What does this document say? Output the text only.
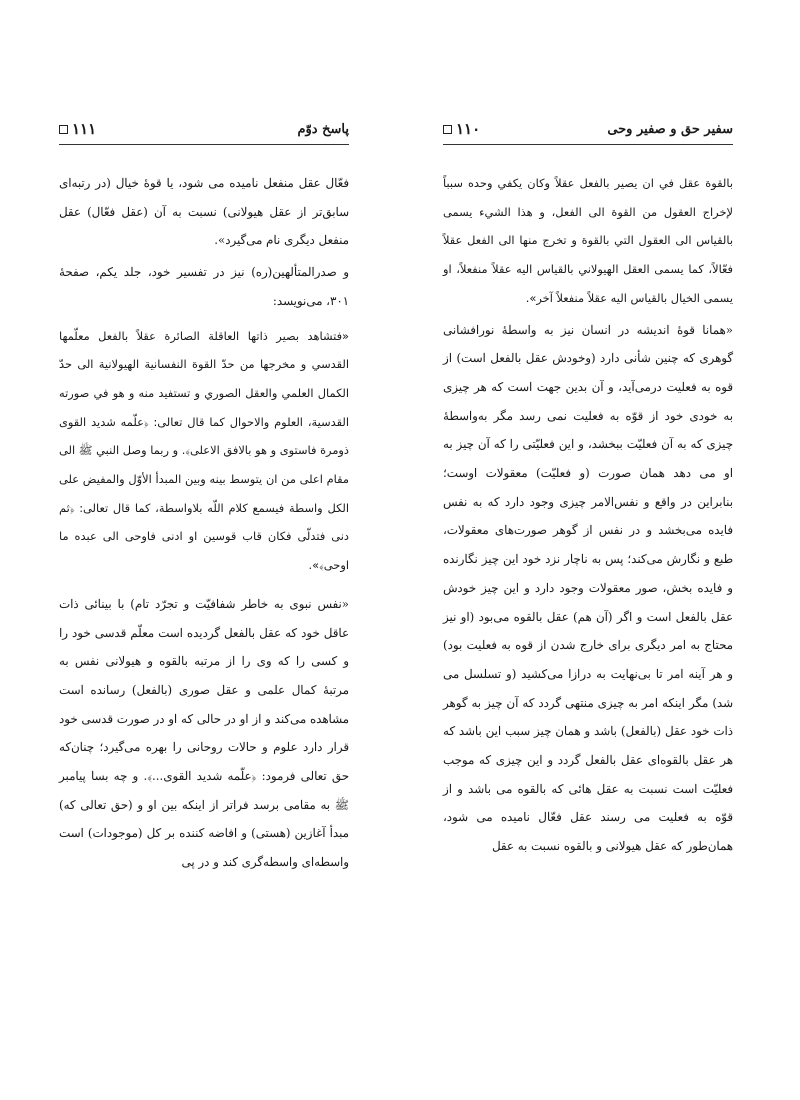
سفیر حق و صفیر وحی
۱۱۰

بالقوة عقل في ان يصير بالفعل عقلاً وكان يكفي وحده سبباً لإخراج العقول من القوة الى الفعل، و هذا الشيء يسمى بالقياس الى العقول التي بالقوة و تخرج منها الى الفعل عقلاً فعّالاً، كما يسمى العقل الهيولاني بالقياس اليه عقلاً منفعلاً، او يسمى الخيال بالقياس اليه عقلاً منفعلاً آخر».

«همانا قوۀ اندیشه در انسان نیز به واسطۀ نورافشانی گوهری که چنین شأنی دارد (وخودش عقل بالفعل است) از قوه به فعلیت درمی‌آید، و آن بدین جهت است که هر چیزی به خودی خود از قوّه به فعلیت نمی رسد مگر به‌واسطۀ چیزی که به آن فعلیّت ببخشد، و این فعلیّتی را که آن چیز به او می دهد همان صورت (و فعلیّت) معقولات اوست؛ بنابراین در واقع و نفس‌الامر چیزی وجود دارد که به نفس فایده می‌بخشد و در نفس از گوهر صورت‌های معقولات، طبع و نگارش می‌کند؛ پس به ناچار نزد خود این چیز نگارنده و فایده بخش، صور معقولات وجود دارد و این چیز خودش عقل بالفعل است و اگر (آن هم) عقل بالقوه می‌بود (او نیز محتاج به امر دیگری برای خارج شدن از قوه به فعلیت بود) و هر آینه امر تا بی‌نهایت به درازا می‌کشید (و تسلسل می شد) مگر اینکه امر به چیزی منتهی گردد که آن چیز به گوهر ذات خود عقل (بالفعل) باشد و همان چیز سبب این باشد که هر عقل بالقوه‌ای عقل بالفعل گردد و این چیزی که موجب فعلیّت است نسبت به عقل هائی که بالقوه می باشد و از قوّه به فعلیت می رسند عقل فعّال نامیده می شود، همان‌طور که عقل هیولانی و بالقوه نسبت به عقل

پاسخ دوّم
۱۱۱

فعّال عقل منفعل نامیده می شود، یا قوۀ خیال (در رتبه‌ای سابق‌تر از عقل هیولانی) نسبت به آن (عقل فعّال) عقل منفعل دیگری نام می‌گیرد».

و صدرالمتألهین(ره) نیز در تفسیر خود، جلد یکم، صفحۀ ۳۰۱، می‌نویسد:

«فتشاهد بصير ذاتها العاقلة الصائرة عقلاً بالفعل معلّمها القدسي و مخرجها من حدّ القوة النفسانية الهيولانية الى حدّ الكمال العلمي والعقل الصوري و تستفيد منه و هو في صورته القدسية، العلوم والاحوال كما قال تعالى: ﴿علّمه شديد القوى ذومرة فاستوى و هو بالافق الاعلى﴾. و ربما وصل النبي ﷺ الى مقام اعلى من ان يتوسط بينه وبين المبدأ الأوّل والمفيض على الكل واسطة فيسمع كلام اللّه بلاواسطة، كما قال تعالى: ﴿ثم دنى فتدلّى فكان قاب قوسين او ادنى فاوحى الى عبده ما اوحى﴾».

«نفس نبوی به خاطر شفافیّت و تجرّد تام) با بینائی ذات عاقل خود که عقل بالفعل گردیده است معلّم قدسی خود را و کسی را که وی را از مرتبه بالقوه و هیولانی نفس به مرتبۀ کمال علمی و عقل صوری (بالفعل) رسانده است مشاهده می‌کند و از او در حالی که او در صورت قدسی خود قرار دارد علوم و حالات روحانی را بهره می‌گیرد؛ چنان‌که حق تعالی فرمود: ﴿علّمه شديد القوى...﴾. و چه بسا پیامبر ﷺ به مقامی برسد فراتر از اینکه بین او و (حق تعالی که) مبدأ آغازین (هستی) و افاضه کننده بر کل (موجودات) است واسطه‌ای واسطه‌گری کند و در پی
